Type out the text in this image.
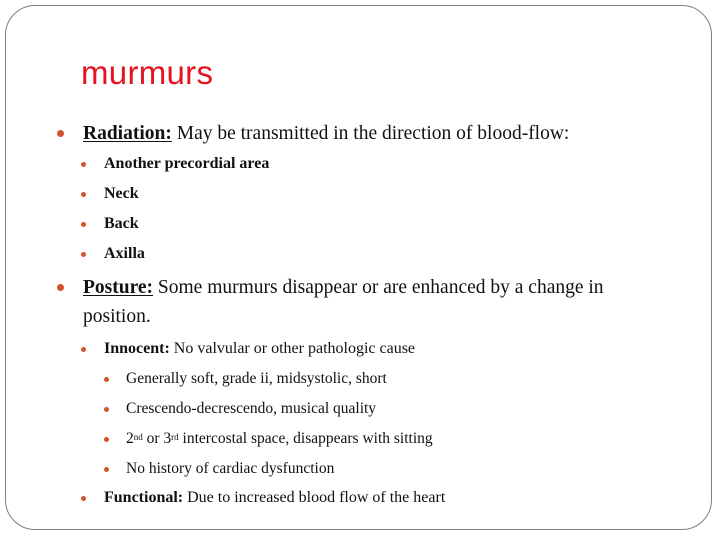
murmurs
Radiation: May be transmitted in the direction of blood-flow:
Another precordial area
Neck
Back
Axilla
Posture: Some murmurs disappear or are enhanced by a change in
position.
Innocent: No valvular or other pathologic cause
Generally soft, grade ii, midsystolic, short
Crescendo-decrescendo, musical quality
2nd or 3rd intercostal space, disappears with sitting
No history of cardiac dysfunction
Functional: Due to increased blood flow of the heart
